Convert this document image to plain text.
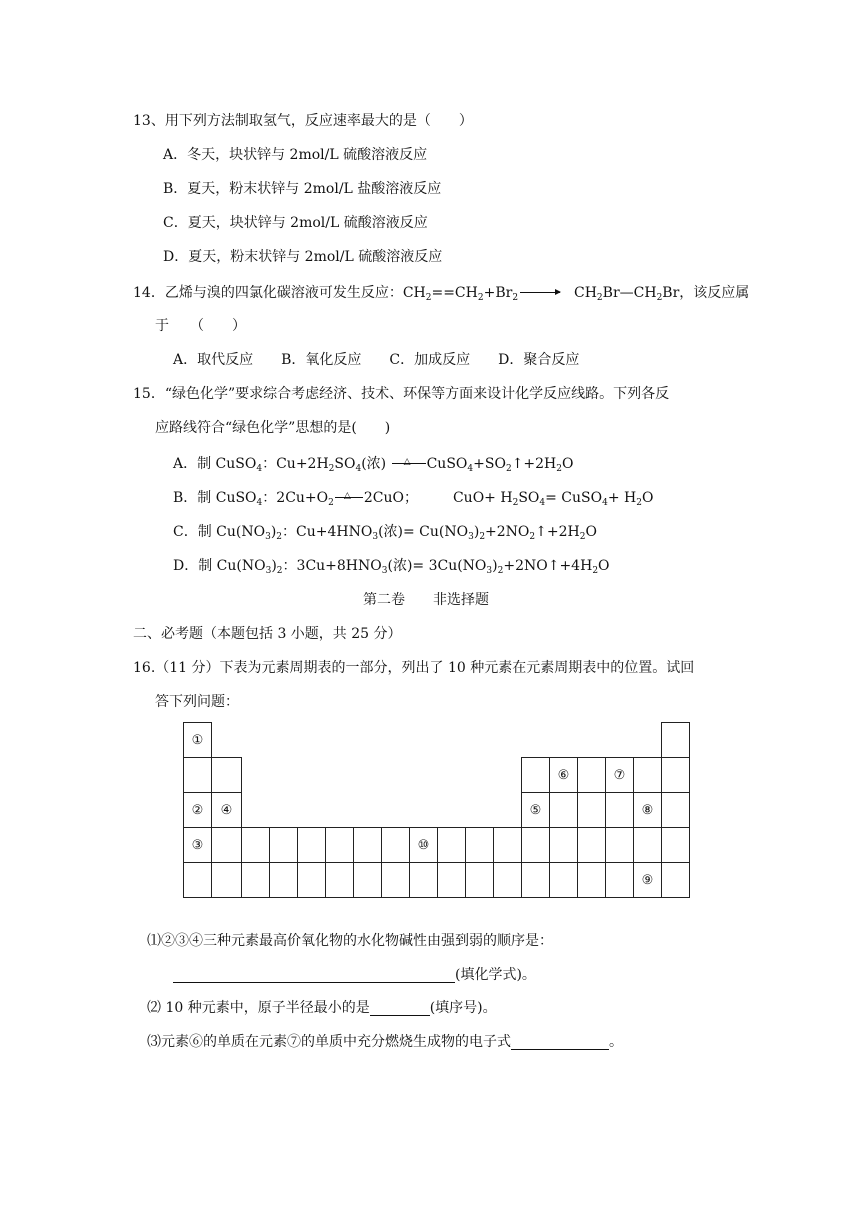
13、用下列方法制取氢气，反应速率最大的是（　　）
A．冬天，块状锌与 2mol/L 硫酸溶液反应
B．夏天，粉末状锌与 2mol/L 盐酸溶液反应
C．夏天，块状锌与 2mol/L 硫酸溶液反应
D．夏天，粉末状锌与 2mol/L 硫酸溶液反应
14．乙烯与溴的四氯化碳溶液可发生反应：$CH_2==CH_2+Br_2$	$CH_2Br—CH_2Br$，该反应属
于　　（　　）
A．取代反应　　B．氧化反应　　C．加成反应　　D．聚合反应
15．“绿色化学”要求综合考虑经济、技术、环保等方面来设计化学反应线路。下列各反
应路线符合“绿色化学”思想的是(　　)
A．制 CuSO$_4$：$Cu+2H_2SO_4$(浓) △ $CuSO_4+SO_2↑+2H_2O$
B．制 CuSO$_4$：$2Cu+O_2$
△ 2CuO；　　　$CuO+ H_2SO_4=$ CuSO$_4$+ $H_2O$
C．制 $Cu(NO_3)_2$：$Cu+4HNO_3$(浓)= $Cu(NO_3)_2+2NO_2↑+2H_2O$
D．制 $Cu(NO_3)_2$：$3Cu+8HNO_3$(浓)= $3Cu(NO_3)_2+2NO↑+4H_2O$
第二卷　　非选择题
二、必考题（本题包括 3 小题，共 25 分）
16.（11 分）下表为元素周期表的一部分，列出了 10 种元素在元素周期表中的位置。试回
答下列问题：
①																	
													⑥		⑦		
②	④											⑤				⑧	
③								⑩									
																⑨	
⑴②③④三种元素最高价氧化物的水化物碱性由强到弱的顺序是：
(填化学式)。
⑵ 10 种元素中，原子半径最小的是	(填序号)。
⑶元素⑥的单质在元素⑦的单质中充分燃烧生成物的电子式	。
